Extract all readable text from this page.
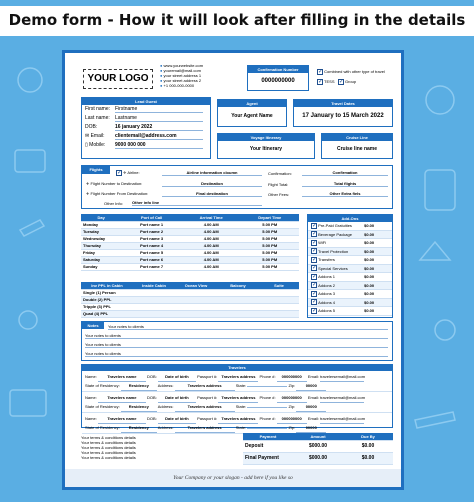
Demo form - How it will look after filling in the details
YOUR LOGO
● www.yourwebsite.com
● youremail@mail.com
● your street address 1
● your street address 2
● +1 000-000-0000
Confirmation Number
0000000000
✓ Combined with other type of travel
✓ TESS ✓ Group
Lead Guest
First name: Firstname
Last name: Lastname
DOB:	16 january 2022
✉ Email: clientemail@address.com
▯ Mobile: 9000 000 000
Agent
Your Agent Name
Travel Dates
17 January to 15 March 2022
Voyage Itinerary
Your Itinerary
Cruise Line
Cruise line name
Flights
✓ ✈ Airline:	Airline information cloumn	Confirmation:	Confirmation
✈ Flight Number to Destination:	Destination	Flight Total:	Total flights
✈ Flight Number From Destination:	Final destination	Other Fees:	Other Extra fiels
Other Info: Other info line
Day	Port of Call	Arrival Time	Depart Time
Monday	Port name 1	4.00 AM	5.00 PM
Tuesday	Port name 2	4.00 AM	5.00 PM
Wednesday	Port name 3	4.00 AM	5.00 PM
Thursday	Port name 4	4.00 AM	5.00 PM
Friday	Port name 5	4.00 AM	5.00 PM
Saturday	Port name 6	4.00 AM	5.00 PM
Sunday	Port name 7	4.00 AM	5.00 PM
Inv PPL in Cabin	Inside Cabin	Ocean View	Balcony	Suite
Single (1) Person				
Double (2) PPL				
Tripple (3) PPL				
Quad (4) PPL				
Add-Ons
✓ Pre-Paid Gratuities	$0.00
✓ Beverage Package	$0.00
✓ WiFi	$0.00
✓ Travel Protection	$0.00
✓ Transfers	$0.00
✓ Special Services	$0.00
✓ Addons 1	$0.00
✓ Addons 2	$0.00
✓ Addons 3	$0.00
✓ Addons 4	$0.00
✓ Addons 5	$0.00
Notes	Your notes to clients
Your notes to clients
Your notes to clients
Your notes to clients
Travelers
Name:	Travelers name	DOB: Date of birth Passport #: Travelers address Phone #: 000000000 Email: travelersemail@mail.com
State of Residency: Residency Address:	Travelers address	State:	Zip:	00000
Name:	Travelers name	DOB: Date of birth Passport #: Travelers address Phone #: 000000000 Email: travelersemail@mail.com
State of Residency: Residency Address:	Travelers address	State:	Zip:	00000
Name:	Travelers name	DOB: Date of birth Passport #: Travelers address Phone #: 000000000 Email: travelersemail@mail.com
State of Residency: Residency Address:	Travelers address	State:	Zip:	00000
Your terms & conditions details
Your terms & conditions details
Your terms & conditions details
Your terms & conditions details
Your terms & conditions details
Payment	Amount	Due By
Deposit	$000.00	$0.00
Final Payment	$000.00	$0.00
Your Company or your slogan - add here if you like so
